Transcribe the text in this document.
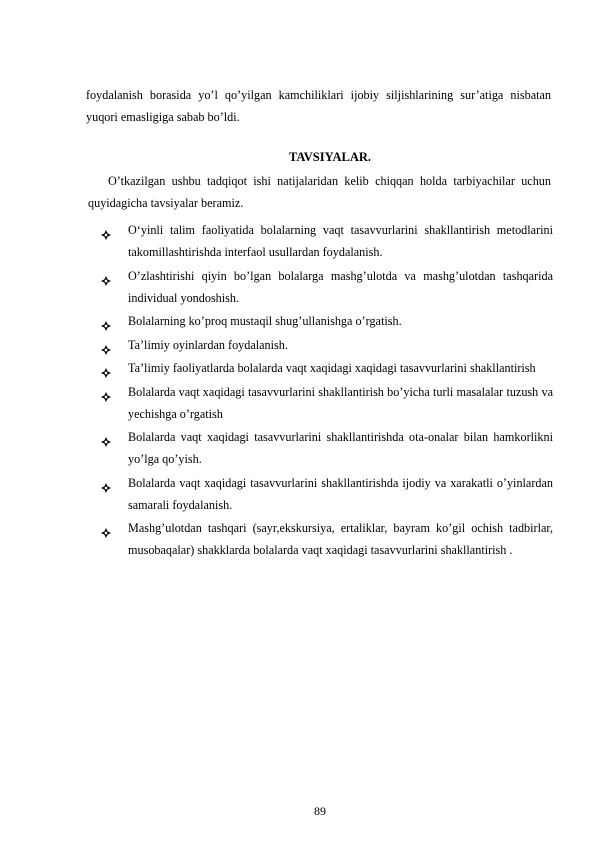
foydalanish borasida yo’l qo’yilgan kamchiliklari ijobiy siljishlarining sur’atiga nisbatan yuqori emasligiga sabab bo’ldi.

TAVSIYALAR.

O’tkazilgan ushbu tadqiqot ishi natijalaridan kelib chiqqan holda tarbiyachilar uchun quyidagicha tavsiyalar beramiz.

O‘yinli talim faoliyatida bolalarning vaqt tasavvurlarini shakllantirish metodlarini takomillashtirishda interfaol usullardan foydalanish.
O’zlashtirishi qiyin bo’lgan bolalarga mashg’ulotda va mashg’ulotdan tashqarida individual yondoshish.
Bolalarning ko’proq mustaqil shug’ullanishga o’rgatish.
Ta’limiy oyinlardan foydalanish.
Ta’limiy faoliyatlarda bolalarda vaqt xaqidagi xaqidagi tasavvurlarini shakllantirish
Bolalarda vaqt xaqidagi tasavvurlarini shakllantirish bo’yicha turli masalalar tuzush va yechishga o’rgatish
Bolalarda vaqt xaqidagi tasavvurlarini shakllantirishda ota-onalar bilan hamkorlikni yo’lga qo’yish.
Bolalarda vaqt xaqidagi tasavvurlarini shakllantirishda ijodiy va xarakatli o’yinlardan samarali foydalanish.
Mashg’ulotdan tashqari (sayr,ekskursiya, ertaliklar, bayram ko’gil ochish tadbirlar, musobaqalar) shakklarda bolalarda vaqt xaqidagi tasavvurlarini shakllantirish .
89
